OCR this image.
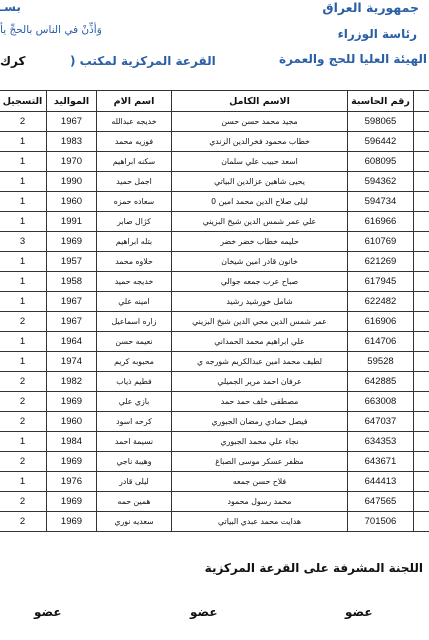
جمهورية العراق
رئاسة الوزراء
الهيئة العليا للحج والعمرة
بسـ
وَأذِّنْ في الناس بالحجِّ يأ
القرعة المركزية لمكتب (
كرك
	رقم الحاسبة	الاسم الكامل	اسم الام	المواليد	التسجيل
	598065	مجيد محمد حسن حسن	خديجه عبدالله	1967	2
	596442	خطاب محمود فخرالدين الزندي	فوزيه محمد	1983	1
	608095	اسعد حبيب علي سلمان	سكنه ابراهيم	1970	1
	594362	يحيى شاهين عزالدين البياتي	اجمل حميد	1990	1
	594734	ليلى صلاح الدين محمد امين 0	سعاده حمزه	1960	1
	616966	علي عمر شمس الدين شيخ البزيني	كژال صابر	1991	1
	610769	حليمه خطاب خضر خضر	بتله ابراهيم	1969	3
	621269	خانون قادر امين شيخان	حلاوه محمد	1957	1
	617945	صباح عرب جمعه جوالي	خديجه حميد	1958	1
	622482	شامل خورشيد رشيد	امينه علي	1967	1
	616906	عمر شمس الدين محي الدين شيخ البزيني	زاره اسماعيل	1967	2
	614706	علي ابراهيم محمد الحمداني	نعيمه حسن	1964	1
	59528	لطيف محمد امين عبدالكريم شورجه ي	محبوبه كريم	1974	1
	642885	عرفان احمد مرير الجميلي	فطيم ذياب	1982	2
	663008	مصطفى خلف حمد حمد	بازي علي	1969	2
	647037	فيصل حمادي رمضان الجبوري	كرحه اسود	1960	2
	634353	نجاء علي محمد الجبوري	نسيمة احمد	1984	1
	643671	مظفر عسكر موسى الصباغ	وهيبة ناجي	1969	2
	644413	فلاح حسن جمعه	ليلى قادر	1976	1
	647565	محمد رسول محمود	همين حمه	1969	2
	701506	هدايت محمد عبدي البياتي	سعديه نوري	1969	2
اللجنة المشرفة على القرعة المركزية
عضو
عضو
عضو
